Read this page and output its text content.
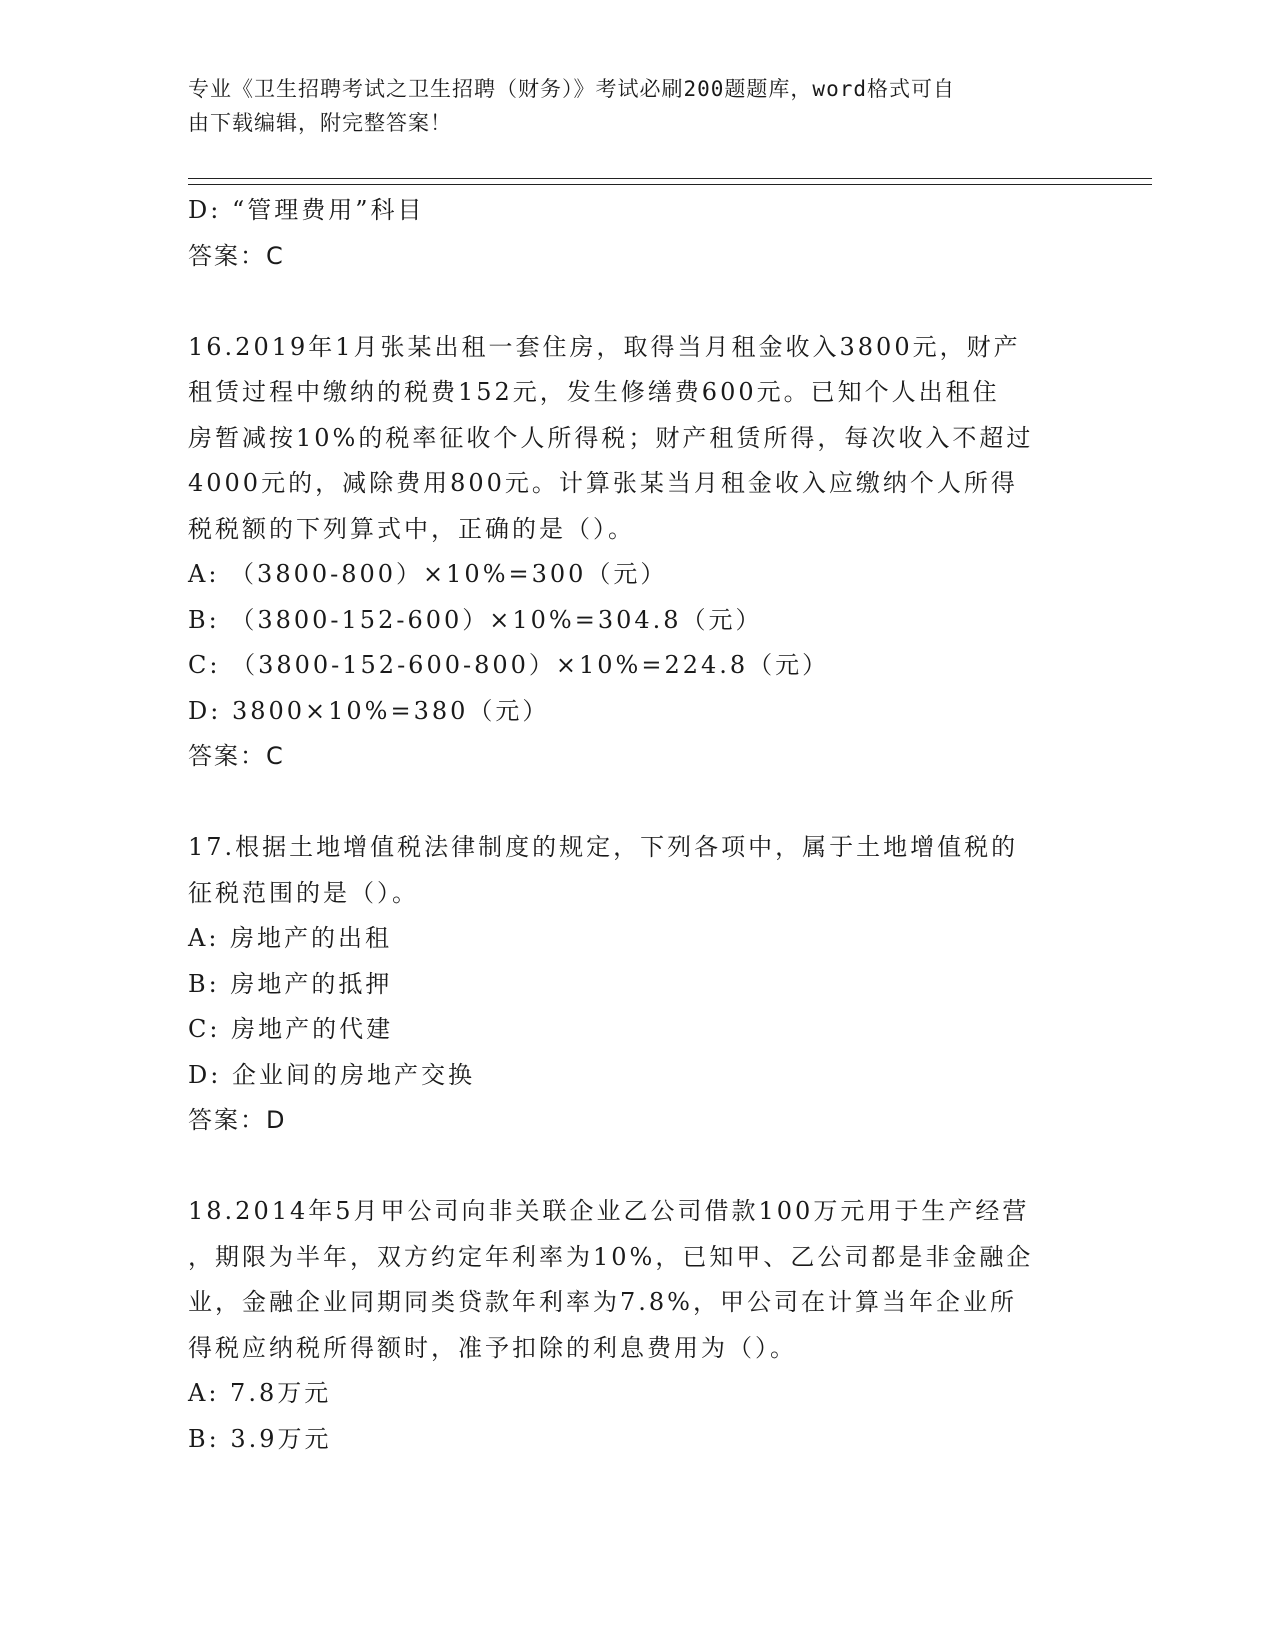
专业《卫生招聘考试之卫生招聘（财务）》考试必刷200题题库，word格式可自
由下载编辑，附完整答案！
D: “管理费用”科目
答案：C
16.2019年1月张某出租一套住房，取得当月租金收入3800元，财产
租赁过程中缴纳的税费152元，发生修缮费600元。已知个人出租住
房暂减按10%的税率征收个人所得税；财产租赁所得，每次收入不超过
4000元的，减除费用800元。计算张某当月租金收入应缴纳个人所得
税税额的下列算式中，正确的是（）。
A: （3800-800）×10%=300（元）
B: （3800-152-600）×10%=304.8（元）
C: （3800-152-600-800）×10%=224.8（元）
D: 3800×10%=380（元）
答案：C
17.根据土地增值税法律制度的规定，下列各项中，属于土地增值税的
征税范围的是（）。
A: 房地产的出租
B: 房地产的抵押
C: 房地产的代建
D: 企业间的房地产交换
答案：D
18.2014年5月甲公司向非关联企业乙公司借款100万元用于生产经营
，期限为半年，双方约定年利率为10%，已知甲、乙公司都是非金融企
业，金融企业同期同类贷款年利率为7.8%，甲公司在计算当年企业所
得税应纳税所得额时，准予扣除的利息费用为（）。
A: 7.8万元
B: 3.9万元
